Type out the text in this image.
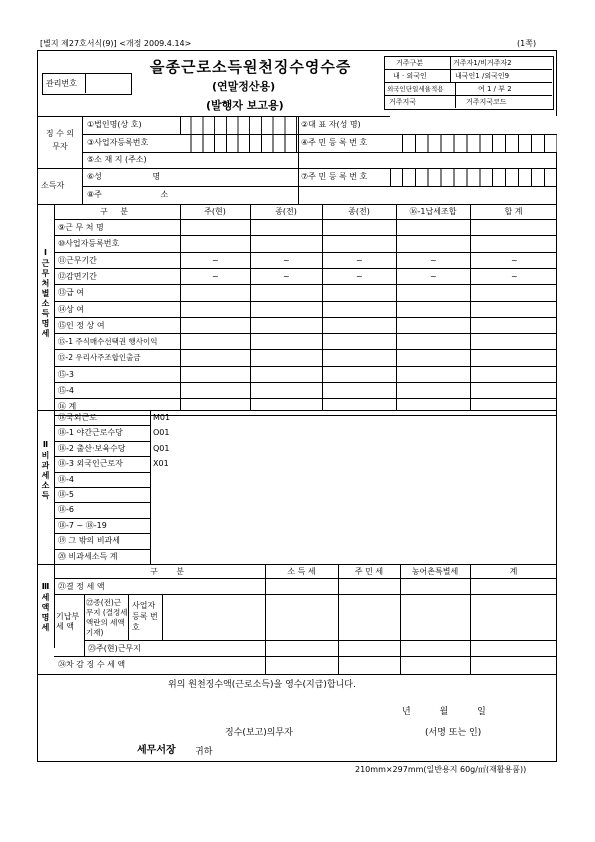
[별지 제27호서식(9)] <개정 2009.4.14>	(1쪽)
관리번호
을종근로소득원천징수영수증
(연말정산용)
(발행자 보고용)
거주구분	거주자1/비거주자2
내 · 외국인	내국인1 /외국인9
외국인단일세율적용	여 1 / 부 2
거주지국	거주지국코드
징 수 의무자
①법인명(상 호)	②대 표 자(성 명)
③사업자등록번호	④주 민 등 록 번 호
⑤소 재 지 (주소)
소득자
⑥성 명	⑦주 민 등 록 번 호
⑧주 소
Ⅰ근무처별소득명세
구 분	주(현)	종(전)	종(전)	⑯-1납세조합	합 계
⑨근 무 처 명
⑩사업자등록번호
⑪근무기간	~	~	~	~	~
⑫감면기간	~	~	~	~	~
⑬급 여
⑭상 여
⑮인 정 상 여
⑮-1 주식매수선택권 행사이익
⑮-2 우리사주조합인출금
⑮-3
⑮-4
⑯ 계
Ⅱ비과세소득
⑱국외근로	M01
⑱-1 야간근로수당	O01
⑱-2 출산·보육수당	Q01
⑱-3 외국인근로자	X01
⑱-4
⑱-5
⑱-6
⑱-7 ~ ⑱-19
⑲ 그 밖의 비과세
⑳ 비과세소득 계
Ⅲ세액명세
구 분	소 득 세	주 민 세	농어촌특별세	계
㉑결 정 세 액
기납부 세 액
㉒종(전)근무지 (결정세액란의 세액 기재)
사업자 등록 번호
㉓주(현)근무지
㉔차 감 징 수 세 액
위의 원천징수액(근로소득)을 영수(지급)합니다.
년 월 일
징수(보고)의무자	(서명 또는 인)
세무서장 귀하
210mm×297mm(일반용지 60g/㎡(재활용품))
